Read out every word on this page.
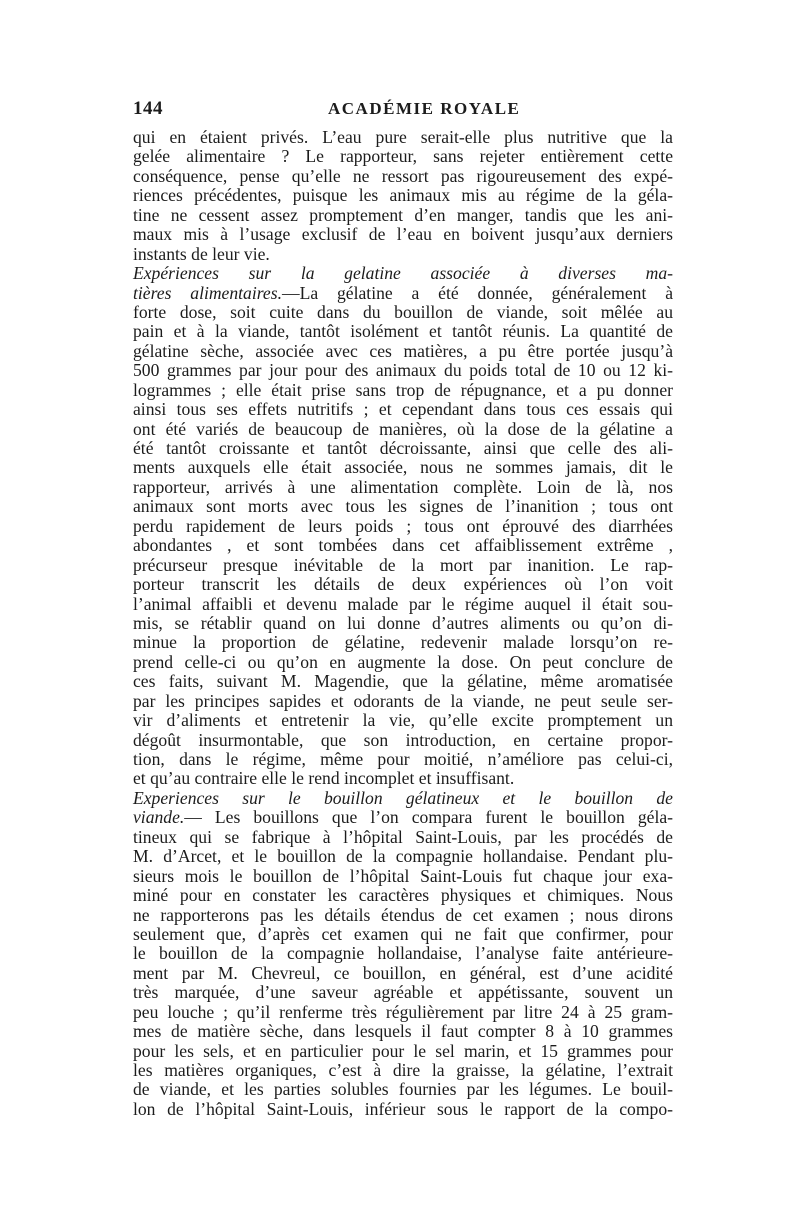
144	ACADÉMIE ROYALE
qui en étaient privés. L’eau pure serait-elle plus nutritive que la
gelée alimentaire ? Le rapporteur, sans rejeter entièrement cette
conséquence, pense qu’elle ne ressort pas rigoureusement des expé-
riences précédentes, puisque les animaux mis au régime de la géla-
tine ne cessent assez promptement d’en manger, tandis que les ani-
maux mis à l’usage exclusif de l’eau en boivent jusqu’aux derniers
instants de leur vie.
Expériences sur la gelatine associée à diverses ma-
tières alimentaires.—La gélatine a été donnée, généralement à
forte dose, soit cuite dans du bouillon de viande, soit mêlée au
pain et à la viande, tantôt isolément et tantôt réunis. La quantité de
gélatine sèche, associée avec ces matières, a pu être portée jusqu’à
500 grammes par jour pour des animaux du poids total de 10 ou 12 ki-
logrammes ; elle était prise sans trop de répugnance, et a pu donner
ainsi tous ses effets nutritifs ; et cependant dans tous ces essais qui
ont été variés de beaucoup de manières, où la dose de la gélatine a
été tantôt croissante et tantôt décroissante, ainsi que celle des ali-
ments auxquels elle était associée, nous ne sommes jamais, dit le
rapporteur, arrivés à une alimentation complète. Loin de là, nos
animaux sont morts avec tous les signes de l’inanition ; tous ont
perdu rapidement de leurs poids ; tous ont éprouvé des diarrhées
abondantes , et sont tombées dans cet affaiblissement extrême ,
précurseur presque inévitable de la mort par inanition. Le rap-
porteur transcrit les détails de deux expériences où l’on voit
l’animal affaibli et devenu malade par le régime auquel il était sou-
mis, se rétablir quand on lui donne d’autres aliments ou qu’on di-
minue la proportion de gélatine, redevenir malade lorsqu’on re-
prend celle-ci ou qu’on en augmente la dose. On peut conclure de
ces faits, suivant M. Magendie, que la gélatine, même aromatisée
par les principes sapides et odorants de la viande, ne peut seule ser-
vir d’aliments et entretenir la vie, qu’elle excite promptement un
dégoût insurmontable, que son introduction, en certaine propor-
tion, dans le régime, même pour moitié, n’améliore pas celui-ci,
et qu’au contraire elle le rend incomplet et insuffisant.
Experiences sur le bouillon gélatineux et le bouillon de
viande.— Les bouillons que l’on compara furent le bouillon géla-
tineux qui se fabrique à l’hôpital Saint-Louis, par les procédés de
M. d’Arcet, et le bouillon de la compagnie hollandaise. Pendant plu-
sieurs mois le bouillon de l’hôpital Saint-Louis fut chaque jour exa-
miné pour en constater les caractères physiques et chimiques. Nous
ne rapporterons pas les détails étendus de cet examen ; nous dirons
seulement que, d’après cet examen qui ne fait que confirmer, pour
le bouillon de la compagnie hollandaise, l’analyse faite antérieure-
ment par M. Chevreul, ce bouillon, en général, est d’une acidité
très marquée, d’une saveur agréable et appétissante, souvent un
peu louche ; qu’il renferme très régulièrement par litre 24 à 25 gram-
mes de matière sèche, dans lesquels il faut compter 8 à 10 grammes
pour les sels, et en particulier pour le sel marin, et 15 grammes pour
les matières organiques, c’est à dire la graisse, la gélatine, l’extrait
de viande, et les parties solubles fournies par les légumes. Le bouil-
lon de l’hôpital Saint-Louis, inférieur sous le rapport de la compo-
